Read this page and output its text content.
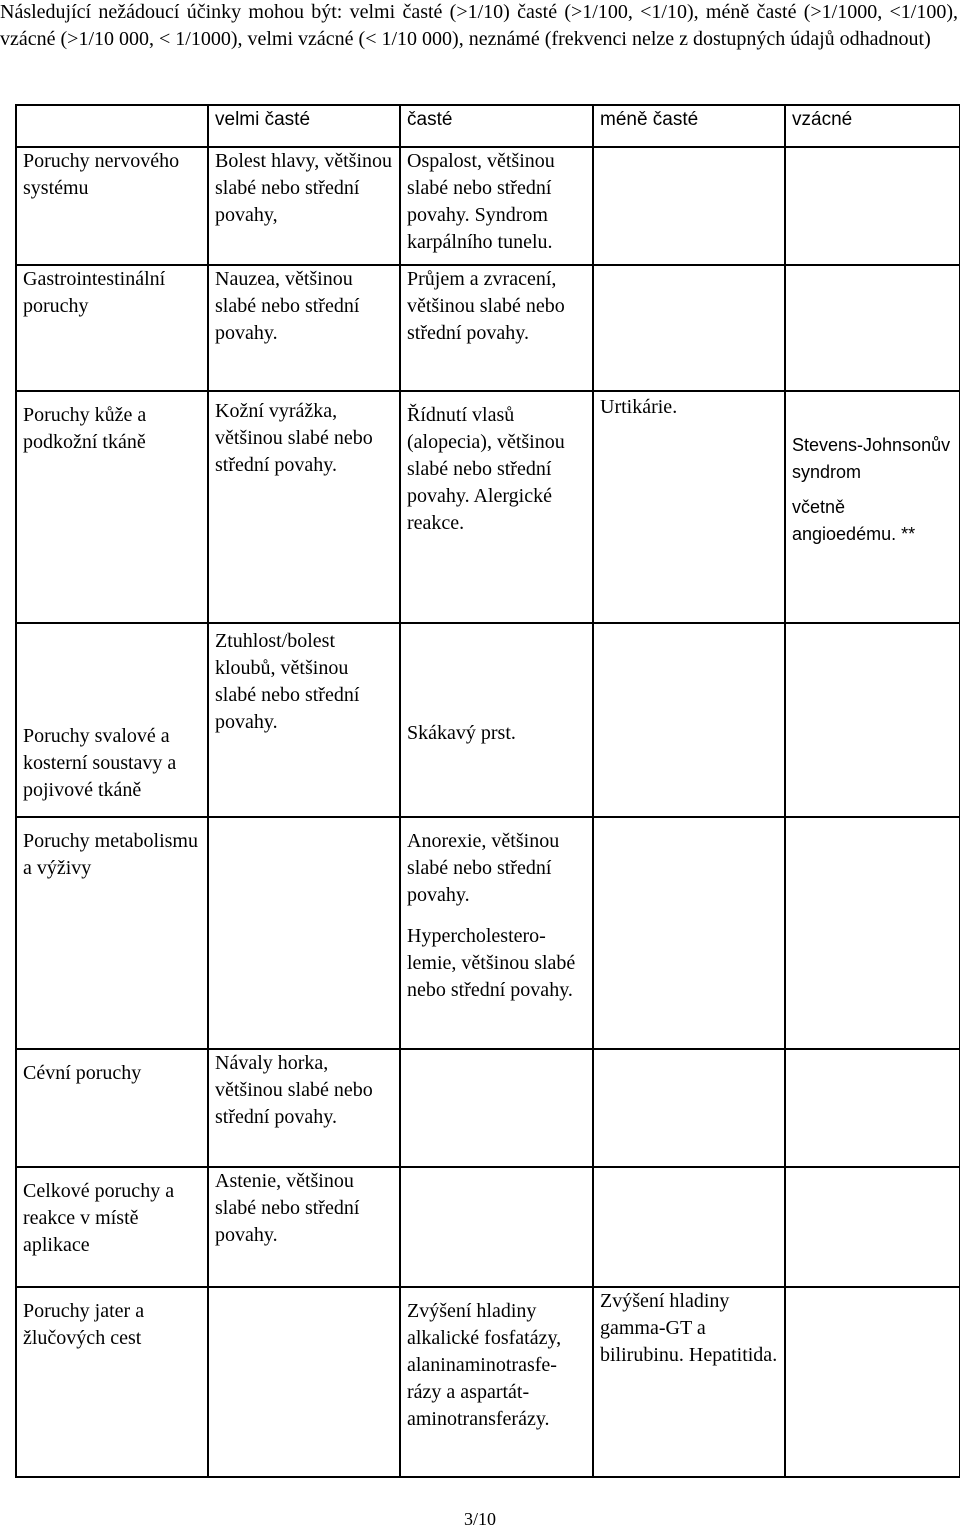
Následující nežádoucí účinky mohou být: velmi časté (>1/10) časté (>1/100, <1/10), méně časté (>1/1000, <1/100), vzácné (>1/10 000, < 1/1000), velmi vzácné (< 1/10 000), neznámé (frekvenci nelze z dostupných údajů odhadnout)
	velmi časté	časté	méně časté	vzácné
Poruchy nervového systému	Bolest hlavy, většinou slabé nebo střední povahy,	Ospalost, většinou slabé nebo střední povahy. Syndrom karpálního tunelu.		
Gastrointestinální poruchy	Nauzea, většinou slabé nebo střední povahy.	Průjem a zvracení, většinou slabé nebo střední povahy.		
Poruchy kůže a podkožní tkáně	Kožní vyrážka, většinou slabé nebo střední povahy.	Řídnutí vlasů (alopecia), většinou slabé nebo střední povahy. Alergické reakce.	Urtikárie.	Stevens-Johnsonův syndrom
včetně angioedému. **

Poruchy svalové a kosterní soustavy a pojivové tkáně	Ztuhlost/bolest kloubů, většinou slabé nebo střední povahy.	Skákavý prst.		
Poruchy metabolismu a výživy		Anorexie, většinou slabé nebo střední povahy.
Hypercholestero-
lemie, většinou slabé nebo střední povahy.		

Cévní poruchy	Návaly horka, většinou slabé nebo střední povahy.			
Celkové poruchy a reakce v místě aplikace	Astenie, většinou slabé nebo střední povahy.			
Poruchy jater a žlučových cest		Zvýšení hladiny
alkalické fosfatázy,
alaninaminotrasfe-
rázy a aspartát-
aminotransferázy.	Zvýšení hladiny gamma-GT a bilirubinu. Hepatitida.	
3/10
